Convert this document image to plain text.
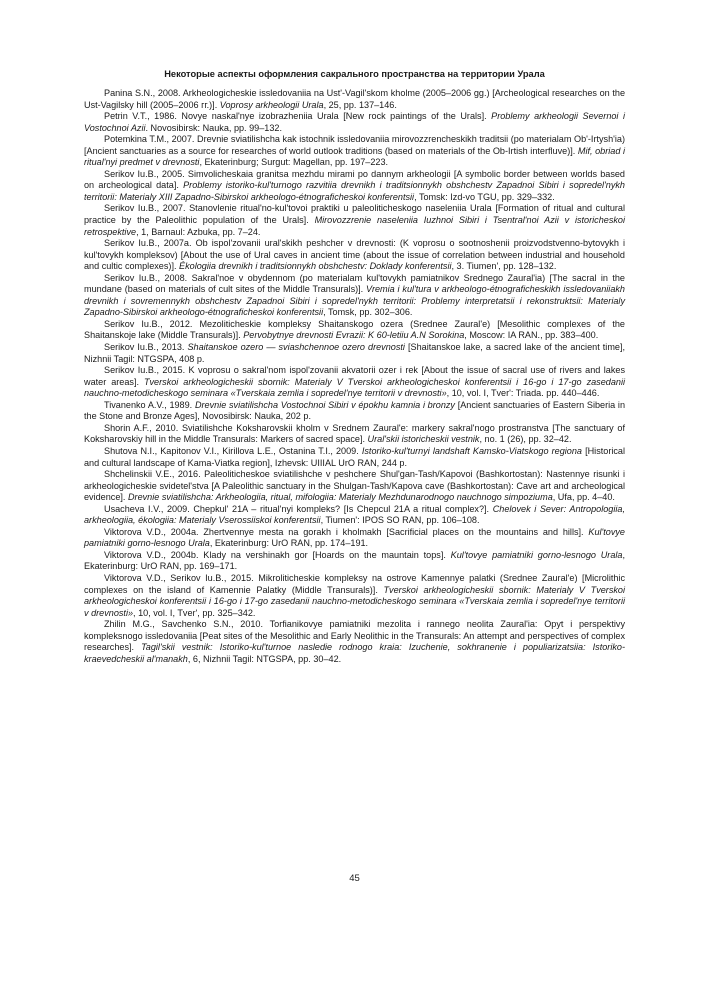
Некоторые аспекты оформления сакрального пространства на территории Урала

Panina S.N., 2008. Arkheologicheskie issledovaniia na Ust'-Vagil'skom kholme (2005–2006 gg.) [Archeological researches on the Ust-Vagilsky hill (2005–2006 гг.)]. Voprosy arkheologii Urala, 25, pp. 137–146.

Petrin V.T., 1986. Novye naskal'nye izobrazheniia Urala [New rock paintings of the Urals]. Problemy arkheologii Severnoi i Vostochnoi Azii. Novosibirsk: Nauka, pp. 99–132.

Potemkina T.M., 2007. Drevnie sviatilishcha kak istochnik issledovaniia mirovozzrencheskikh traditsii (po materialam Ob'-Irtysh'ia) [Ancient sanctuaries as a source for researches of world outlook traditions (based on materials of the Ob-Irtish interfluve)]. Mif, obriad i ritual'nyi predmet v drevnosti, Ekaterinburg; Surgut: Magellan, pp. 197–223.

Serikov Iu.B., 2005. Simvolicheskaia granitsa mezhdu mirami po dannym arkheologii [A symbolic border between worlds based on archeological data]. Problemy istoriko-kul'turnogo razvitiia drevnikh i traditsionnykh obshchestv Zapadnoi Sibiri i sopredel'nykh territorii: Materialy XIII Zapadno-Sibirskoi arkheologo-étnograficheskoi konferentsii, Tomsk: Izd-vo TGU, pp. 329–332.

Serikov Iu.B., 2007. Stanovlenie ritual'no-kul'tovoi praktiki u paleoliticheskogo naseleniia Urala [Formation of ritual and cultural practice by the Paleolithic population of the Urals]. Mirovozzrenie naseleniia Iuzhnoi Sibiri i Tsentral'noi Azii v istoricheskoi retrospektive, 1, Barnaul: Azbuka, pp. 7–24.

Serikov Iu.B., 2007a. Ob ispol'zovanii ural'skikh peshcher v drevnosti: (K voprosu o sootnoshenii proizvodstvenno-bytovykh i kul'tovykh kompleksov) [About the use of Ural caves in ancient time (about the issue of correlation between industrial and household and cultic complexes)]. Ékologiia drevnikh i traditsionnykh obshchestv: Doklady konferentsii, 3. Tiumen', pp. 128–132.

Serikov Iu.B., 2008. Sakral'noe v obydennom (po materialam kul'tovykh pamiatnikov Srednego Zaural'ia) [The sacral in the mundane (based on materials of cult sites of the Middle Transurals)]. Vremia i kul'tura v arkheologo-étnograficheskikh issledovaniiakh drevnikh i sovremennykh obshchestv Zapadnoi Sibiri i sopredel'nykh territorii: Problemy interpretatsii i rekonstruktsii: Materialy Zapadno-Sibirskoi arkheologo-étnograficheskoi konferentsii, Tomsk, pp. 302–306.

Serikov Iu.B., 2012. Mezoliticheskie kompleksy Shaitanskogo ozera (Srednee Zaural'e) [Mesolithic complexes of the Shaitanskoje lake (Middle Transurals)]. Pervobytnye drevnosti Evrazii: K 60-letiiu A.N Sorokina, Moscow: IA RAN., pp. 383–400.

Serikov Iu.B., 2013. Shaitanskoe ozero — sviashchennoe ozero drevnosti [Shaitanskoe lake, a sacred lake of the ancient time], Nizhnii Tagil: NTGSPA, 408 p.

Serikov Iu.B., 2015. K voprosu o sakral'nom ispol'zovanii akvatorii ozer i rek [About the issue of sacral use of rivers and lakes water areas]. Tverskoi arkheologicheskii sbornik: Materialy V Tverskoi arkheologicheskoi konferentsii i 16-go i 17-go zasedanii nauchno-metodicheskogo seminara «Tverskaia zemlia i sopredel'nye territorii v drevnosti», 10, vol. I, Tver': Triada. pp. 440–446.

Tivanenko A.V., 1989. Drevnie sviatilishcha Vostochnoi Sibiri v épokhu kamnia i bronzy [Ancient sanctuaries of Eastern Siberia in the Stone and Bronze Ages], Novosibirsk: Nauka, 202 p.

Shorin A.F., 2010. Sviatilishche Koksharovskii kholm v Srednem Zaural'e: markery sakral'nogo prostranstva [The sanctuary of Koksharovskiy hill in the Middle Transurals: Markers of sacred space]. Ural'skii istoricheskii vestnik, no. 1 (26), pp. 32–42.

Shutova N.I., Kapitonov V.I., Kirillova L.E., Ostanina T.I., 2009. Istoriko-kul'turnyi landshaft Kamsko-Viatskogo regiona [Historical and cultural landscape of Kama-Viatka region], Izhevsk: UIIIAL UrO RAN, 244 p.

Shchelinskii V.E., 2016. Paleoliticheskoe sviatilishche v peshchere Shul'gan-Tash/Kapovoi (Bashkortostan): Nastennye risunki i arkheologicheskie svidetel'stva [A Paleolithic sanctuary in the Shulgan-Tash/Kapova cave (Bashkortostan): Cave art and archeological evidence]. Drevnie sviatilishcha: Arkheologiia, ritual, mifologiia: Materialy Mezhdunarodnogo nauchnogo simpoziuma, Ufa, pp. 4–40.

Usacheva I.V., 2009. Chepkul' 21A – ritual'nyi kompleks? [Is Chepcul 21A a ritual complex?]. Chelovek i Sever: Antropologiia, arkheologiia, ékologiia: Materialy Vserossiiskoi konferentsii, Tiumen': IPOS SO RAN, pp. 106–108.

Viktorova V.D., 2004a. Zhertvennye mesta na gorakh i kholmakh [Sacrificial places on the mountains and hills]. Kul'tovye pamiatniki gorno-lesnogo Urala, Ekaterinburg: UrO RAN, pp. 174–191.

Viktorova V.D., 2004b. Klady na vershinakh gor [Hoards on the mauntain tops]. Kul'tovye pamiatniki gorno-lesnogo Urala, Ekaterinburg: UrO RAN, pp. 169–171.

Viktorova V.D., Serikov Iu.B., 2015. Mikroliticheskie kompleksy na ostrove Kamennye palatki (Srednee Zaural'e) [Microlithic complexes on the island of Kamennie Palatky (Middle Transurals)]. Tverskoi arkheologicheskii sbornik: Materialy V Tverskoi arkheologicheskoi konferentsii i 16-go i 17-go zasedanii nauchno-metodicheskogo seminara «Tverskaia zemlia i sopredel'nye territorii v drevnosti», 10, vol. I, Tver', pp. 325–342.

Zhilin M.G., Savchenko S.N., 2010. Torfianikovye pamiatniki mezolita i rannego neolita Zaural'ia: Opyt i perspektivy kompleksnogo issledovaniia [Peat sites of the Mesolithic and Early Neolithic in the Transurals: An attempt and perspectives of complex researches]. Tagil'skii vestnik: Istoriko-kul'turnoe nasledie rodnogo kraia: Izuchenie, sokhranenie i populiarizatsiia: Istoriko-kraevedcheskii al'manakh, 6, Nizhnii Tagil: NTGSPA, pp. 30–42.

45
